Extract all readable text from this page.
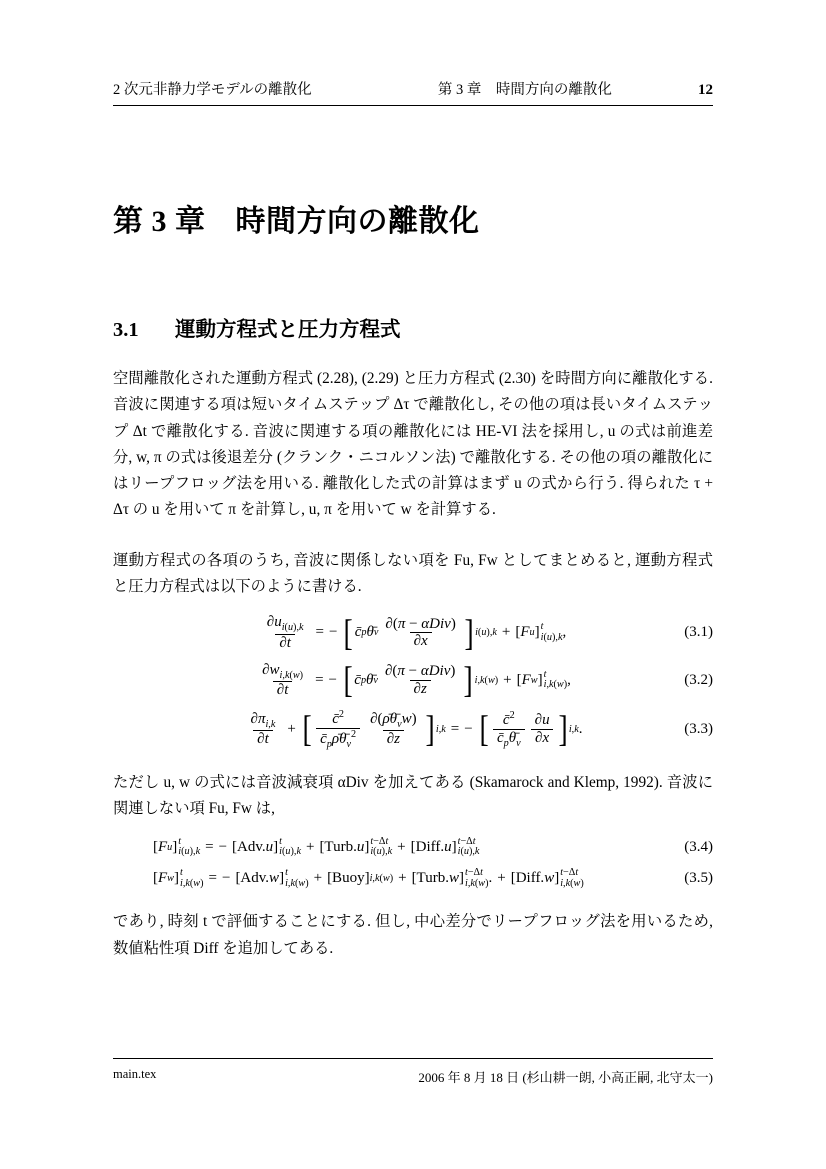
2 次元非静力学モデルの離散化	第 3 章　時間方向の離散化	12
第 3 章 時間方向の離散化
3.1 運動方程式と圧力方程式

空間離散化された運動方程式 (2.28), (2.29) と圧力方程式 (2.30) を時間方向に離散化する. 音波に関連する項は短いタイムステップ Δτ で離散化し, その他の項は長いタイムステップ Δt で離散化する. 音波に関連する項の離散化には HE-VI 法を採用し, u の式は前進差分, w, π の式は後退差分 (クランク・ニコルソン法) で離散化する. その他の項の離散化にはリープフロッグ法を用いる. 離散化した式の計算はまず u の式から行う. 得られた τ + Δτ の u を用いて π を計算し, u, π を用いて w を計算する.

運動方程式の各項のうち, 音波に関係しない項を Fu, Fw としてまとめると, 運動方程式と圧力方程式は以下のように書ける.

$\frac{\partial u_{i(u),k}}{\partial t}$ = − [ c̄ p θ̄ v $\frac{\text{∂(π − αDiv)}}{\partial x}$ ] i(u),k +
[ F u ] t
i(u),k ,	(3.1)
$\frac{\partial w_{i,k(w)}}{\partial t}$ = − [ c̄ p θ̄ v $\frac{\text{∂(π − αDiv)}}{\partial z}$ ] i,k(w) +
[ F w ] t
i,k(w) ,	(3.2)
$\frac{\partial\pi_{i,k}}{\partial t}$ + [ $\frac{c̄^2}{c̄_p\rhō\thetā_v^2} \frac{\partial(\rhō\thetā_vw)}{\partial z}$ ] i,k = − [ $\frac{c̄^2}{c̄_p\thetā_v} \frac{\partial u}{\partial x}$ ] i,k .	(3.3)

ただし u, w の式には音波減衰項 αDiv を加えてある (Skamarock and Klemp, 1992). 音波に関連しない項 Fu, Fw は,

[ F u ] t
i(u),k = −
[Adv. u ] t
i(u),k +
[Turb. u ] t−Δt
i(u),k +
[Diff. u ] t−Δt
i(u),k	(3.4)
[ F w ] t
i,k(w) = −
[Adv. w ] t
i,k(w) +
[Buoy] i,k(w) +
[Turb. w ] t−Δt
i,k(w) .
+
[Diff. w ] t−Δt
i,k(w)	(3.5)

であり, 時刻 t で評価することにする. 但し, 中心差分でリープフロッグ法を用いるため, 数値粘性項 Diff を追加してある.

main.tex	2006 年 8 月 18 日 (杉山耕一朗, 小高正嗣, 北守太一)
